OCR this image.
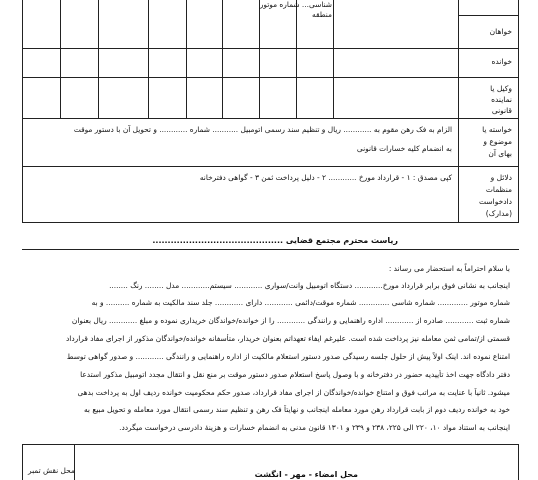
شناسی... شماره موتور
منطقه
خواهان
خوانده
وکیل یا
نماینده
قانونی
خواسته یا
موضوع و
بهای آن
دلائل و
منظمات
دادخواست
(مدارک)
الزام به فک رهن مقوم به ............ ریال و تنظیم سند رسمی اتومبیل ........... شماره ............ و تحویل آن با دستور موقت
به انضمام کلیه خسارات قانونی
کپی مصدق : ۱ - قرارداد مورخ ............ ۲ - دلیل پرداخت ثمن ۳ - گواهی دفترخانه
ریاست محترم مجتمع قضایی ...........................................
با سلام احتراماً به استحضار می رساند :
اینجانب به نشانی فوق برابر قرارداد مورخ............ دستگاه اتومبیل وانت/سواری ............ سیستم............ مدل ........ رنگ ........
شماره موتور ............. شماره شاسی ............. شماره موقت/دائمی ............ دارای ............ جلد سند مالکیت به شماره .......... و به
شماره ثبت ............ صادره از ............ اداره راهنمایی و رانندگی ............ را از خوانده/خواندگان خریداری نموده و مبلغ ............ ریال بعنوان
قسمتی از/تمامی ثمن معامله نیز پرداخت شده است. علیرغم ایفاء تعهداتم بعنوان خریدار، متأسفانه خوانده/خواندگان مذکور از اجرای مفاد قرارداد
امتناع نموده اند. اینک اولاً پیش از حلول جلسه رسیدگی صدور دستور استعلام مالکیت از اداره راهنمایی و رانندگی ............ و صدور گواهی توسط
دفتر دادگاه جهت اخذ تأییدیه حضور در دفترخانه و با وصول پاسخ استعلام صدور دستور موقت بر منع نقل و انتقال مجدد اتومبیل مذکور استدعا
میشود. ثانیاً با عنایت به مراتب فوق و امتناع خوانده/خواندگان از اجرای مفاد قرارداد، صدور حکم محکومیت خوانده ردیف اول به پرداخت بدهی
خود به خوانده ردیف دوم از بابت قرارداد رهن مورد معامله اینجانب و نهایتاً فک رهن و تنظیم سند رسمی انتقال مورد معامله و تحویل مبیع به
اینجانب به استناد مواد ۱۰، ۲۲۰ الی ۲۲۵، ۲۳۸ و ۲۳۹ و ۱۳۰۱ قانون مدنی به انضمام خسارات و هزینهٔ دادرسی درخواست میگردد.
محل امضاء - مهر - انگشت
محل نقش تمبر
